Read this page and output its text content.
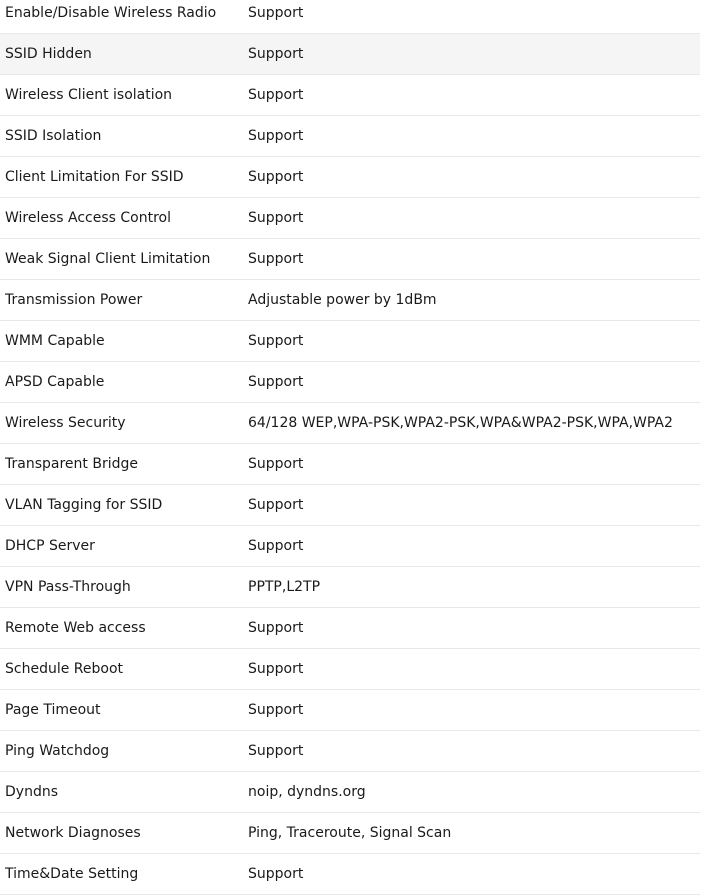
Enable/Disable Wireless Radio	Support
SSID Hidden	Support
Wireless Client isolation	Support
SSID Isolation	Support
Client Limitation For SSID	Support
Wireless Access Control	Support
Weak Signal Client Limitation	Support
Transmission Power	Adjustable power by 1dBm
WMM Capable	Support
APSD Capable	Support
Wireless Security	64/128 WEP,WPA-PSK,WPA2-PSK,WPA&WPA2-PSK,WPA,WPA2
Transparent Bridge	Support
VLAN Tagging for SSID	Support
DHCP Server	Support
VPN Pass-Through	PPTP,L2TP
Remote Web access	Support
Schedule Reboot	Support
Page Timeout	Support
Ping Watchdog	Support
Dyndns	noip, dyndns.org
Network Diagnoses	Ping, Traceroute, Signal Scan
Time&Date Setting	Support
